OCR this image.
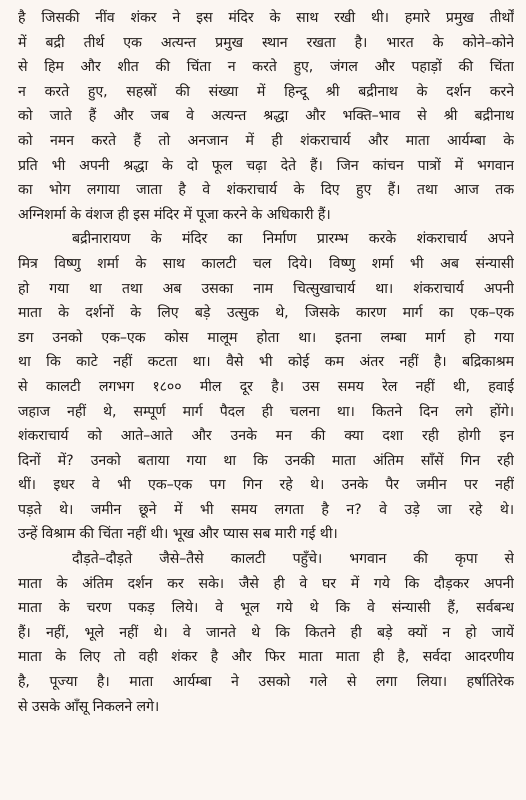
है जिसकी नींव शंकर ने इस मंदिर के साथ रखी थी। हमारे प्रमुख तीर्थों
में बद्री तीर्थ एक अत्यन्त प्रमुख स्थान रखता है। भारत के कोने–कोने
से हिम और शीत की चिंता न करते हुए, जंगल और पहाड़ों की चिंता
न करते हुए, सहस्रों की संख्या में हिन्दू श्री बद्रीनाथ के दर्शन करने
को जाते हैं और जब वे अत्यन्त श्रद्धा और भक्ति–भाव से श्री बद्रीनाथ
को नमन करते हैं तो अनजान में ही शंकराचार्य और माता आर्यम्बा के
प्रति भी अपनी श्रद्धा के दो फूल चढ़ा देते हैं। जिन कांचन पात्रों में भगवान
का भोग लगाया जाता है वे शंकराचार्य के दिए हुए हैं। तथा आज तक
अग्निशर्मा के वंशज ही इस मंदिर में पूजा करने के अधिकारी हैं।

बद्रीनारायण के मंदिर का निर्माण प्रारम्भ करके शंकराचार्य अपने
मित्र विष्णु शर्मा के साथ कालटी चल दिये। विष्णु शर्मा भी अब संन्यासी
हो गया था तथा अब उसका नाम चित्सुखाचार्य था। शंकराचार्य अपनी
माता के दर्शनों के लिए बड़े उत्सुक थे, जिसके कारण मार्ग का एक–एक
डग उनको एक–एक कोस मालूम होता था। इतना लम्बा मार्ग हो गया
था कि काटे नहीं कटता था। वैसे भी कोई कम अंतर नहीं है। बद्रिकाश्रम
से कालटी लगभग १८०० मील दूर है। उस समय रेल नहीं थी, हवाई
जहाज नहीं थे, सम्पूर्ण मार्ग पैदल ही चलना था। कितने दिन लगे होंगे।
शंकराचार्य को आते–आते और उनके मन की क्या दशा रही होगी इन
दिनों में? उनको बताया गया था कि उनकी माता अंतिम साँसें गिन रही
थीं। इधर वे भी एक–एक पग गिन रहे थे। उनके पैर जमीन पर नहीं
पड़ते थे। जमीन छूने में भी समय लगता है न? वे उड़े जा रहे थे।
उन्हें विश्राम की चिंता नहीं थी। भूख और प्यास सब मारी गई थी।

दौड़ते–दौड़ते जैसे–तैसे कालटी पहुँचे। भगवान की कृपा से
माता के अंतिम दर्शन कर सके। जैसे ही वे घर में गये कि दौड़कर अपनी
माता के चरण पकड़ लिये। वे भूल गये थे कि वे संन्यासी हैं, सर्वबन्ध
हैं। नहीं, भूले नहीं थे। वे जानते थे कि कितने ही बड़े क्यों न हो जायें
माता के लिए तो वही शंकर है और फिर माता माता ही है, सर्वदा आदरणीय
है, पूज्या है। माता आर्यम्बा ने उसको गले से लगा लिया। हर्षातिरेक
से उसके आँसू निकलने लगे।
